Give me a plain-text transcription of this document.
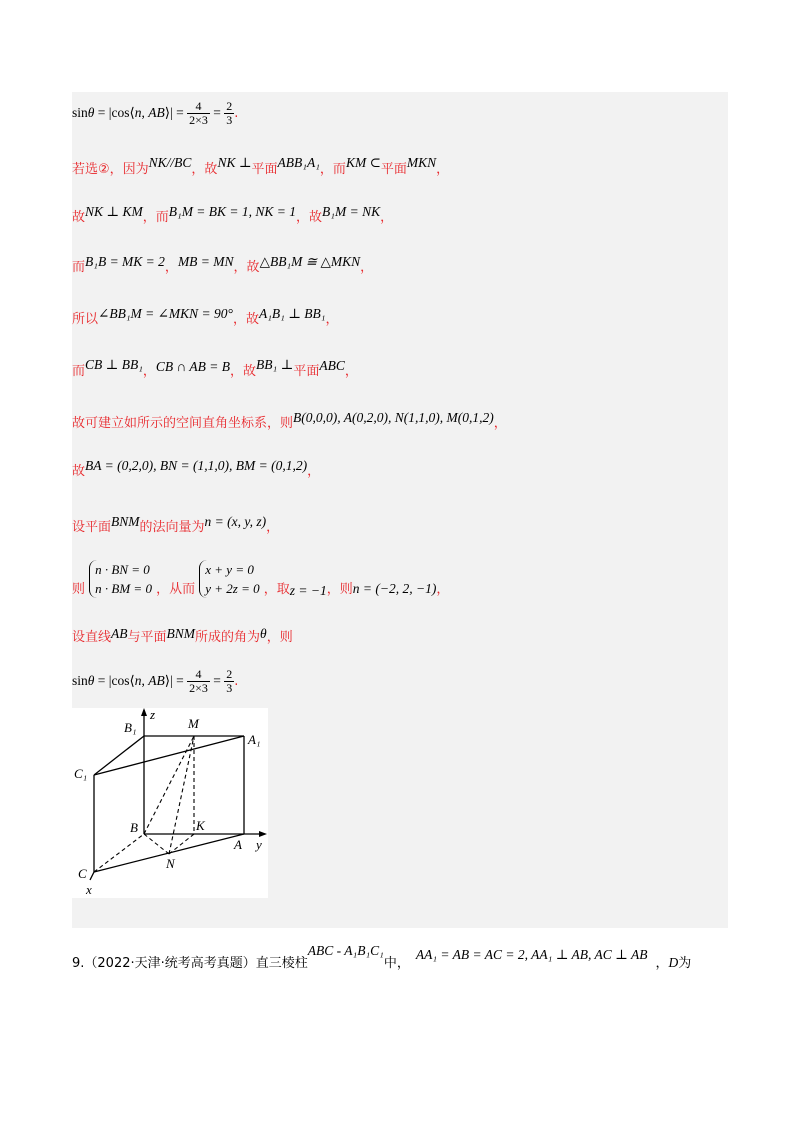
sinθ = |cos⟨n, AB⟩| = $\frac{4}{2\times 3} = \frac{2}{3}$ .
若选②，因为NK//BC，故NK ⊥平面ABB₁A₁，而KM ⊂平面MKN，
故NK ⊥ KM，而B₁M = BK = 1, NK = 1，故B₁M = NK，
而B₁B = MK = 2，MB = MN，故△BB₁M ≅ △MKN，
所以∠BB₁M = ∠MKN = 90°，故A₁B₁ ⊥ BB₁，
而CB ⊥ BB₁，CB ∩ AB = B，故BB₁ ⊥平面ABC，
故可建立如所示的空间直角坐标系，则B(0,0,0), A(0,2,0), N(1,1,0), M(0,1,2)，
故BA = (0,2,0), BN = (1,1,0), BM = (0,1,2)，
设平面BNM的法向量为n = (x, y, z)，
则 n · BN = 0
n · BM = 0 ，从而 x + y = 0
y + 2z = 0 ，取z = −1，则n = (−2, 2, −1)，
设直线AB与平面BNM所成的角为θ，则
sinθ = |cos⟨n, AB⟩| = $\frac{4}{2\times 3} = \frac{2}{3}$ .
B₁
z
M
A₁
C₁
B	K
A y
N
C
x
9.（2022·天津·统考高考真题）直三棱柱ABC - A₁B₁C₁中，AA₁ = AB = AC = 2, AA₁ ⊥ AB, AC ⊥ AB，D为
